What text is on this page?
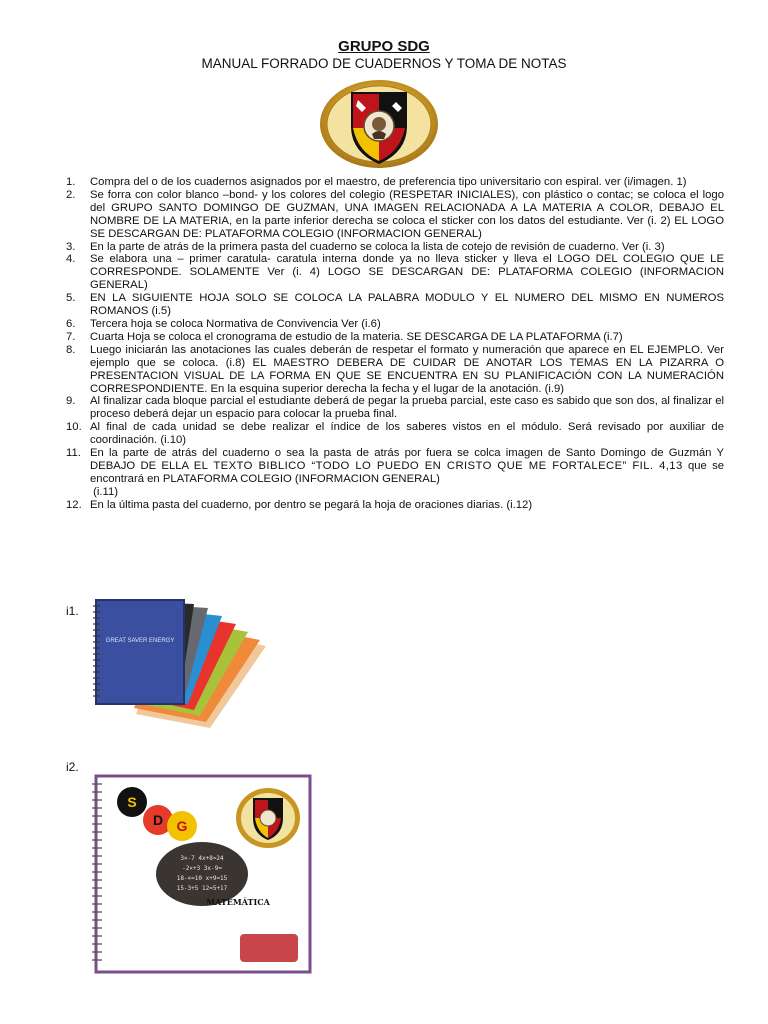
GRUPO SDG
MANUAL FORRADO DE CUADERNOS Y TOMA DE NOTAS
1.	Compra del o de los cuadernos asignados por el maestro, de preferencia tipo universitario con espiral. ver (i/imagen. 1)
2.	Se forra con color blanco –bond- y los colores del colegio (RESPETAR INICIALES), con plástico o contac; se coloca el logo del GRUPO SANTO DOMINGO DE GUZMAN, UNA IMAGEN RELACIONADA A LA MATERIA A COLOR, DEBAJO EL NOMBRE DE LA MATERIA, en la parte inferior derecha se coloca el sticker con los datos del estudiante. Ver (i. 2) EL LOGO SE DESCARGAN DE: PLATAFORMA COLEGIO (INFORMACION GENERAL)
3.	En la parte de atrás de la primera pasta del cuaderno se coloca la lista de cotejo de revisión de cuaderno. Ver (i. 3)
4.	Se elabora una – primer caratula- caratula interna donde ya no lleva sticker y lleva el LOGO DEL COLEGIO QUE LE CORRESPONDE. SOLAMENTE Ver (i. 4) LOGO SE DESCARGAN DE: PLATAFORMA COLEGIO (INFORMACION GENERAL)
5.	EN LA SIGUIENTE HOJA SOLO SE COLOCA LA PALABRA MODULO Y EL NUMERO DEL MISMO EN NUMEROS ROMANOS (i.5)
6.	Tercera hoja se coloca Normativa de Convivencia Ver (i.6)
7.	Cuarta Hoja se coloca el cronograma de estudio de la materia. SE DESCARGA DE LA PLATAFORMA (i.7)
8.	Luego iniciarán las anotaciones las cuales deberán de respetar el formato y numeración que aparece en EL EJEMPLO. Ver ejemplo que se coloca. (i.8) EL MAESTRO DEBERA DE CUIDAR DE ANOTAR LOS TEMAS EN LA PIZARRA O PRESENTACION VISUAL DE LA FORMA EN QUE SE ENCUENTRA EN SU PLANIFICACIÓN CON LA NUMERACIÓN CORRESPONDIENTE. En la esquina superior derecha la fecha y el lugar de la anotación. (i.9)
9.	Al finalizar cada bloque parcial el estudiante deberá de pegar la prueba parcial, este caso es sabido que son dos, al finalizar el proceso deberá dejar un espacio para colocar la prueba final.
10. Al final de cada unidad se debe realizar el índice de los saberes vistos en el módulo. Será revisado por auxiliar de coordinación. (i.10)
11. En la parte de atrás del cuaderno o sea la pasta de atrás por fuera se colca imagen de Santo Domingo de Guzmán Y DEBAJO DE ELLA EL TEXTO BIBLICO “TODO LO PUEDO EN CRISTO QUE ME FORTALECE” FIL. 4,13 que se encontrará en PLATAFORMA COLEGIO (INFORMACION GENERAL)
(i.11)
12. En la última pasta del cuaderno, por dentro se pegará la hoja de oraciones diarias. (i.12)
i1.
GREAT SAVER ENERGY
i2.
S
D G
3×-7 4x+8=24
-2×+3 3x-9=
18-×=10 x+9=15
15-3+5 12=5+17
MATEMÁTICA
